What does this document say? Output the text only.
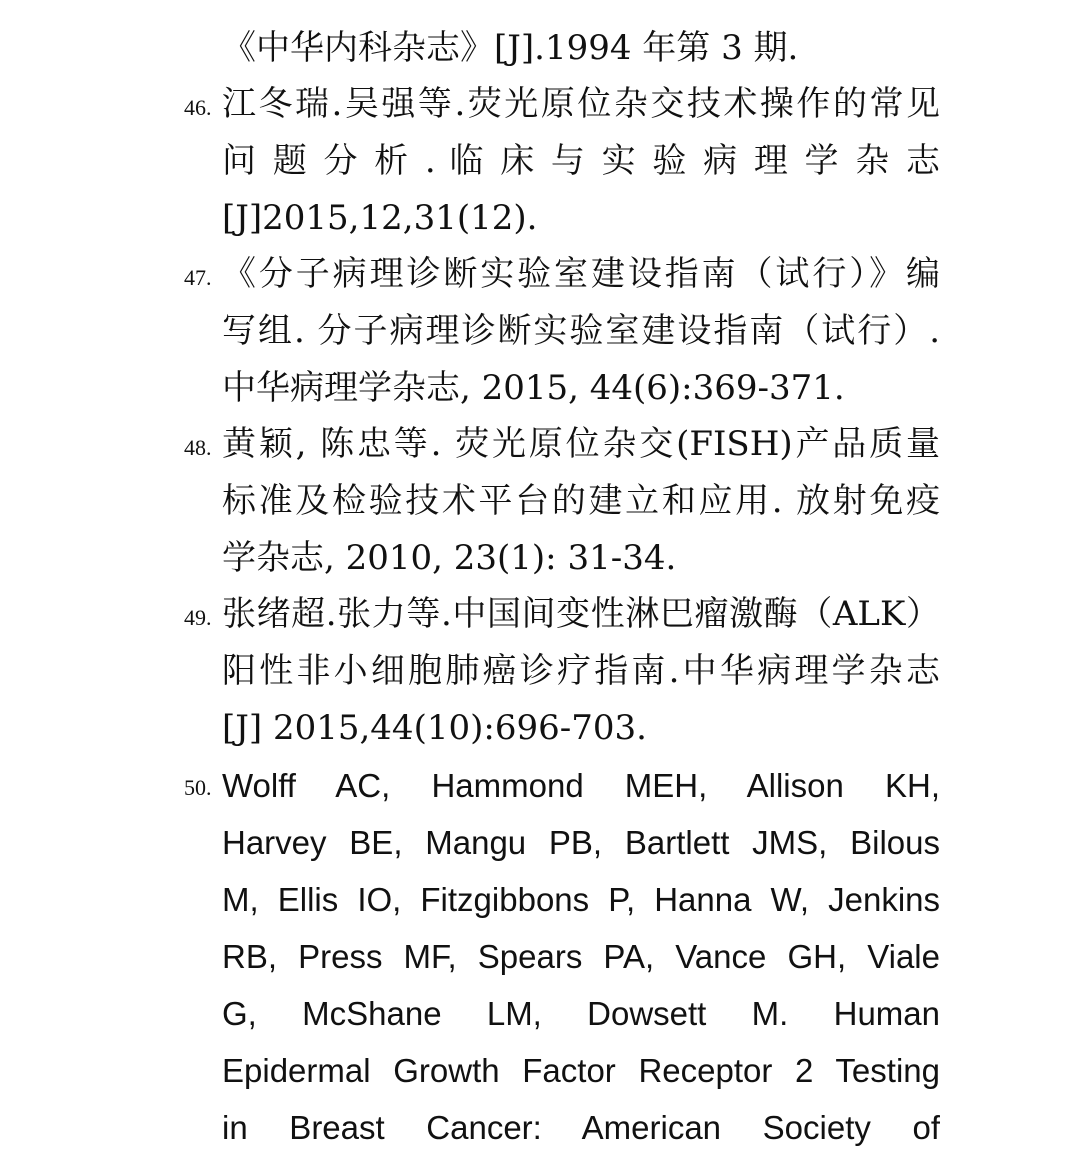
《中华内科杂志》[J].1994 年第 3 期.
46. 江冬瑞.吴强等.荧光原位杂交技术操作的常见
问 题 分 析 . 临 床 与 实 验 病 理 学 杂 志
[J]2015,12,31(12).
47. 《分子病理诊断实验室建设指南（试行）》编
写组. 分子病理诊断实验室建设指南（试行）.
中华病理学杂志, 2015, 44(6):369-371.
48. 黄颖, 陈忠等. 荧光原位杂交(FISH)产品质量
标准及检验技术平台的建立和应用. 放射免疫
学杂志, 2010, 23(1): 31-34.
49. 张绪超.张力等.中国间变性淋巴瘤激酶（ALK）
阳性非小细胞肺癌诊疗指南.中华病理学杂志
[J] 2015,44(10):696-703.
50. Wolff AC, Hammond MEH, Allison KH,
Harvey BE, Mangu PB, Bartlett JMS, Bilous
M, Ellis IO, Fitzgibbons P, Hanna W, Jenkins
RB, Press MF, Spears PA, Vance GH, Viale
G, McShane LM, Dowsett M. Human
Epidermal Growth Factor Receptor 2 Testing
in Breast Cancer: American Society of
